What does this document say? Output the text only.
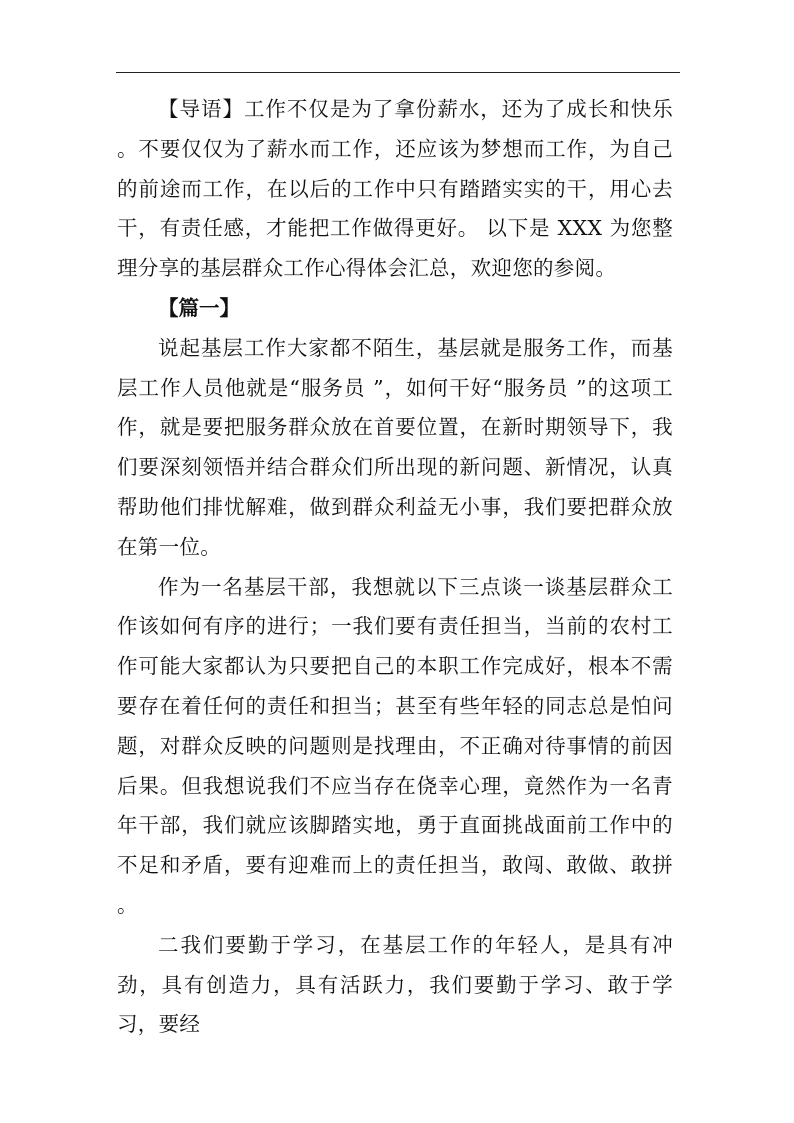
【导语】工作不仅是为了拿份薪水，还为了成长和快乐 。不要仅仅为了薪水而工作，还应该为梦想而工作，为自己的前途而工作，在以后的工作中只有踏踏实实的干，用心去干，有责任感，才能把工作做得更好。 以下是 XXX 为您整理分享的基层群众工作心得体会汇总，欢迎您的参阅。

【篇一】

说起基层工作大家都不陌生，基层就是服务工作，而基层工作人员他就是“服务员 ”，如何干好“服务员 ”的这项工作，就是要把服务群众放在首要位置，在新时期领导下，我们要深刻领悟并结合群众们所出现的新问题、新情况，认真帮助他们排忧解难，做到群众利益无小事，我们要把群众放在第一位。

作为一名基层干部，我想就以下三点谈一谈基层群众工作该如何有序的进行；一我们要有责任担当，当前的农村工作可能大家都认为只要把自己的本职工作完成好，根本不需要存在着任何的责任和担当；甚至有些年轻的同志总是怕问题，对群众反映的问题则是找理由，不正确对待事情的前因后果。但我想说我们不应当存在侥幸心理，竟然作为一名青年干部，我们就应该脚踏实地，勇于直面挑战面前工作中的不足和矛盾，要有迎难而上的责任担当，敢闯、敢做、敢拼 。

二我们要勤于学习，在基层工作的年轻人，是具有冲劲，具有创造力，具有活跃力，我们要勤于学习、敢于学习，要经
